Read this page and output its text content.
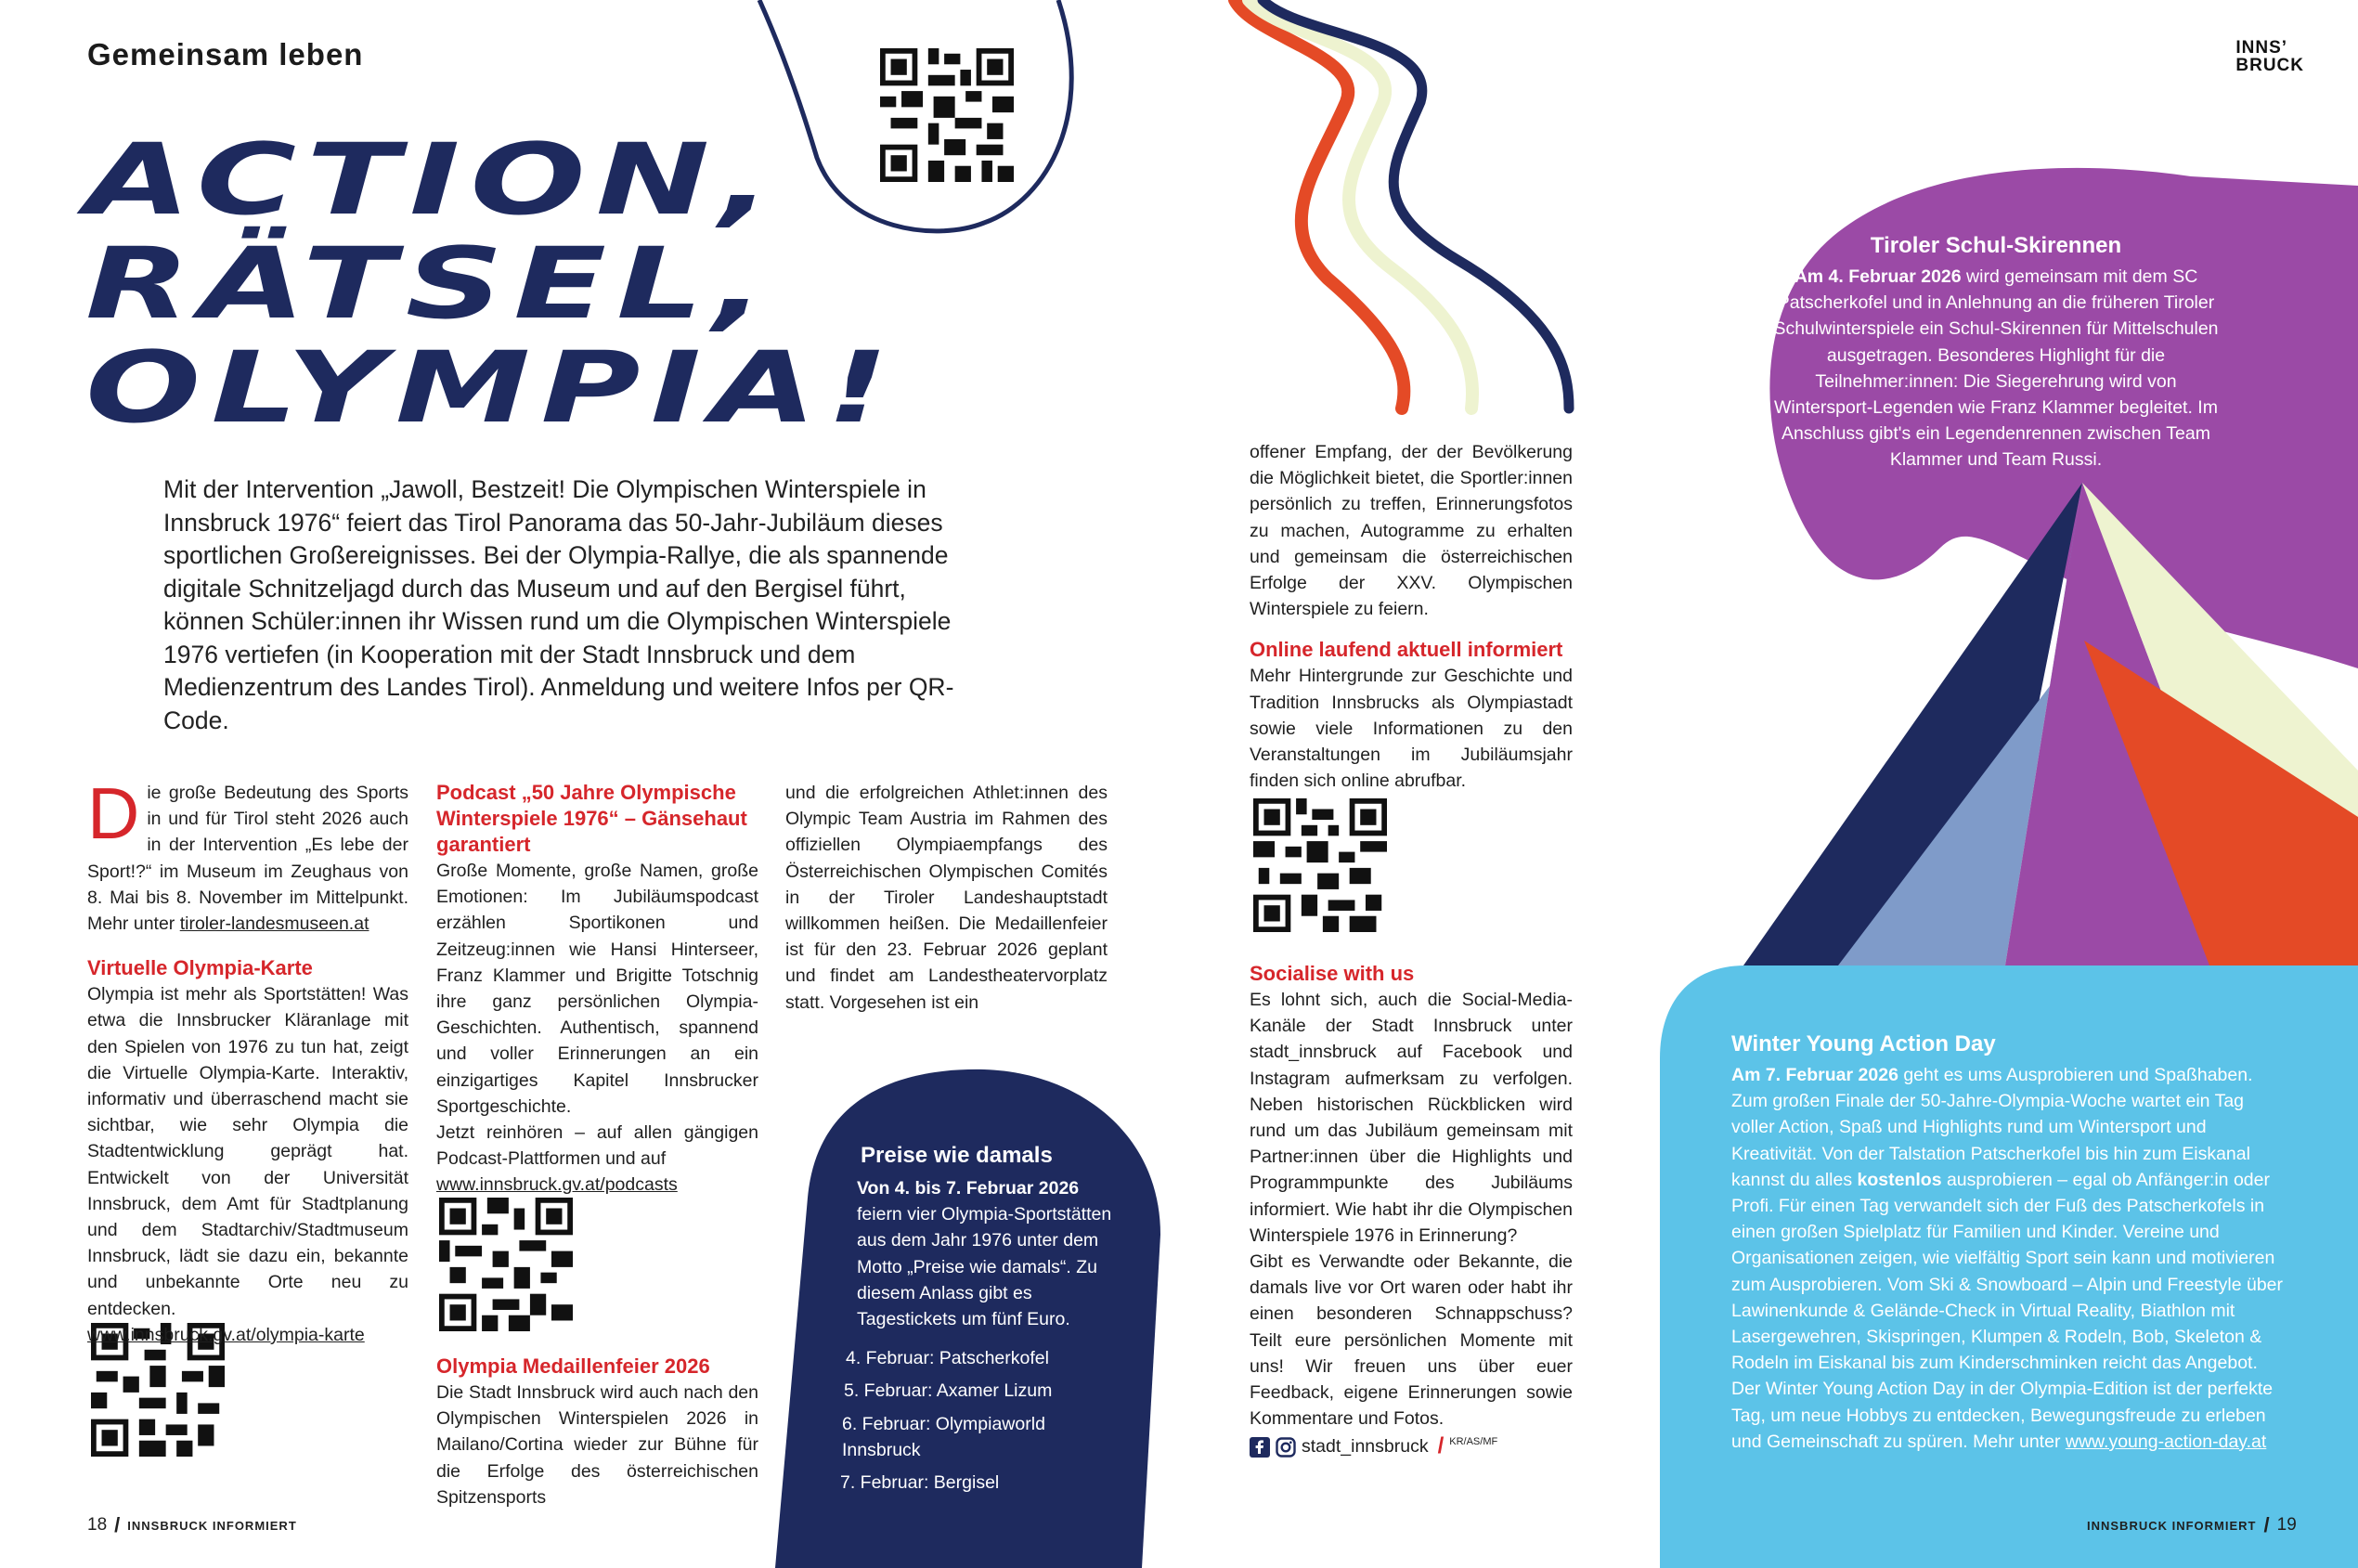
Gemeinsam leben	INNS’
BRUCK
ACTION,
RÄTSEL,
OLYMPIA!
Mit der Intervention „Jawoll, Bestzeit! Die Olympischen Winterspiele in Innsbruck 1976“ feiert das Tirol Panorama das 50-Jahr-Jubiläum dieses sportlichen Großereignisses. Bei der Olympia-Rallye, die als spannende digitale Schnitzeljagd durch das Museum und auf den Bergisel führt, können Schüler:innen ihr Wissen rund um die Olympischen Winterspiele 1976 vertiefen (in Kooperation mit der Stadt Innsbruck und dem Medienzentrum des Landes Tirol). Anmeldung und weitere Infos per QR-Code.

Die große Bedeutung des Sports in und für Tirol steht 2026 auch in der Intervention „Es lebe der Sport!?“ im Museum im Zeughaus von 8. Mai bis 8. November im Mittelpunkt. Mehr unter tiroler-landesmuseen.at

Virtuelle Olympia-Karte

Olympia ist mehr als Sportstätten! Was etwa die Innsbrucker Kläranlage mit den Spielen von 1976 zu tun hat, zeigt die Virtuelle Olympia-Karte. Interaktiv, informativ und überraschend macht sie sichtbar, wie sehr Olympia die Stadtentwicklung geprägt hat. Entwickelt von der Universität Innsbruck, dem Amt für Stadtplanung und dem Stadtarchiv/Stadtmuseum Innsbruck, lädt sie dazu ein, bekannte und unbekannte Orte neu zu entdecken.

www.innsbruck.gv.at/olympia-karte

Podcast „50 Jahre Olympische Winterspiele 1976“ – Gänsehaut garantiert

Große Momente, große Namen, große Emotionen: Im Jubiläumspodcast erzählen Sportikonen und Zeitzeug:innen wie Hansi Hinterseer, Franz Klammer und Brigitte Totschnig ihre ganz persönlichen Olympia-Geschichten. Authentisch, spannend und voller Erinnerungen an ein einzigartiges Kapitel Innsbrucker Sportgeschichte.

Jetzt reinhören – auf allen gängigen Podcast-Plattformen und auf

www.innsbruck.gv.at/podcasts

Olympia Medaillenfeier 2026

Die Stadt Innsbruck wird auch nach den Olympischen Winterspielen 2026 in Mailano/Cortina wieder zur Bühne für die Erfolge des österreichischen Spitzensports

und die erfolgreichen Athlet:innen des Olympic Team Austria im Rahmen des offiziellen Olympiaempfangs des Österreichischen Olympischen Comités in der Tiroler Landeshauptstadt willkommen heißen. Die Medaillenfeier ist für den 23. Februar 2026 geplant und findet am Landestheatervorplatz statt. Vorgesehen ist ein

Preise wie damals
Von 4. bis 7. Februar 2026 feiern vier Olympia-Sportstätten aus dem Jahr 1976 unter dem Motto „Preise wie damals“. Zu diesem Anlass gibt es Tagestickets um fünf Euro.
4. Februar: Patscherkofel
5. Februar: Axamer Lizum
6. Februar: Olympiaworld Innsbruck
7. Februar: Bergisel

offener Empfang, der der Bevölkerung die Möglichkeit bietet, die Sportler:innen persönlich zu treffen, Erinnerungsfotos zu machen, Autogramme zu erhalten und gemeinsam die österreichischen Erfolge der XXV. Olympischen Winterspiele zu feiern.

Online laufend aktuell informiert

Mehr Hintergrunde zur Geschichte und Tradition Innsbrucks als Olympiastadt sowie viele Informationen zu den Veranstaltungen im Jubiläumsjahr finden sich online abrufbar.

Socialise with us

Es lohnt sich, auch die Social-Media-Kanäle der Stadt Innsbruck unter stadt_innsbruck auf Facebook und Instagram aufmerksam zu verfolgen. Neben historischen Rückblicken wird rund um das Jubiläum gemeinsam mit Partner:innen über die Highlights und Programmpunkte des Jubiläums informiert. Wie habt ihr die Olympischen Winterspiele 1976 in Erinnerung?

Gibt es Verwandte oder Bekannte, die damals live vor Ort waren oder habt ihr einen besonderen Schnappschuss? Teilt eure persönlichen Momente mit uns! Wir freuen uns über euer Feedback, eigene Erinnerungen sowie Kommentare und Fotos.

stadt_innsbruck / KR/AS/MF

Tiroler Schul-Skirennen
Am 4. Februar 2026 wird gemeinsam mit dem SC Patscherkofel und in Anlehnung an die früheren Tiroler Schulwinterspiele ein Schul-Skirennen für Mittelschulen ausgetragen. Besonderes Highlight für die Teilnehmer:innen: Die Siegerehrung wird von Wintersport-Legenden wie Franz Klammer begleitet. Im Anschluss gibt's ein Legendenrennen zwischen Team Klammer und Team Russi.
Winter Young Action Day
Am 7. Februar 2026 geht es ums Ausprobieren und Spaßhaben. Zum großen Finale der 50-Jahre-Olympia-Woche wartet ein Tag voller Action, Spaß und Highlights rund um Wintersport und Kreativität. Von der Talstation Patscherkofel bis hin zum Eiskanal kannst du alles kostenlos ausprobieren – egal ob Anfänger:in oder Profi. Für einen Tag verwandelt sich der Fuß des Patscherkofels in einen großen Spielplatz für Familien und Kinder. Vereine und Organisationen zeigen, wie vielfältig Sport sein kann und motivieren zum Ausprobieren. Vom Ski & Snowboard – Alpin und Freestyle über Lawinenkunde & Gelände-Check in Virtual Reality, Biathlon mit Lasergewehren, Skispringen, Klumpen & Rodeln, Bob, Skeleton & Rodeln im Eiskanal bis zum Kinderschminken reicht das Angebot. Der Winter Young Action Day in der Olympia-Edition ist der perfekte Tag, um neue Hobbys zu entdecken, Bewegungsfreude zu erleben und Gemeinschaft zu spüren. Mehr unter www.young-action-day.at
18 / INNSBRUCK INFORMIERT	INNSBRUCK INFORMIERT / 19
